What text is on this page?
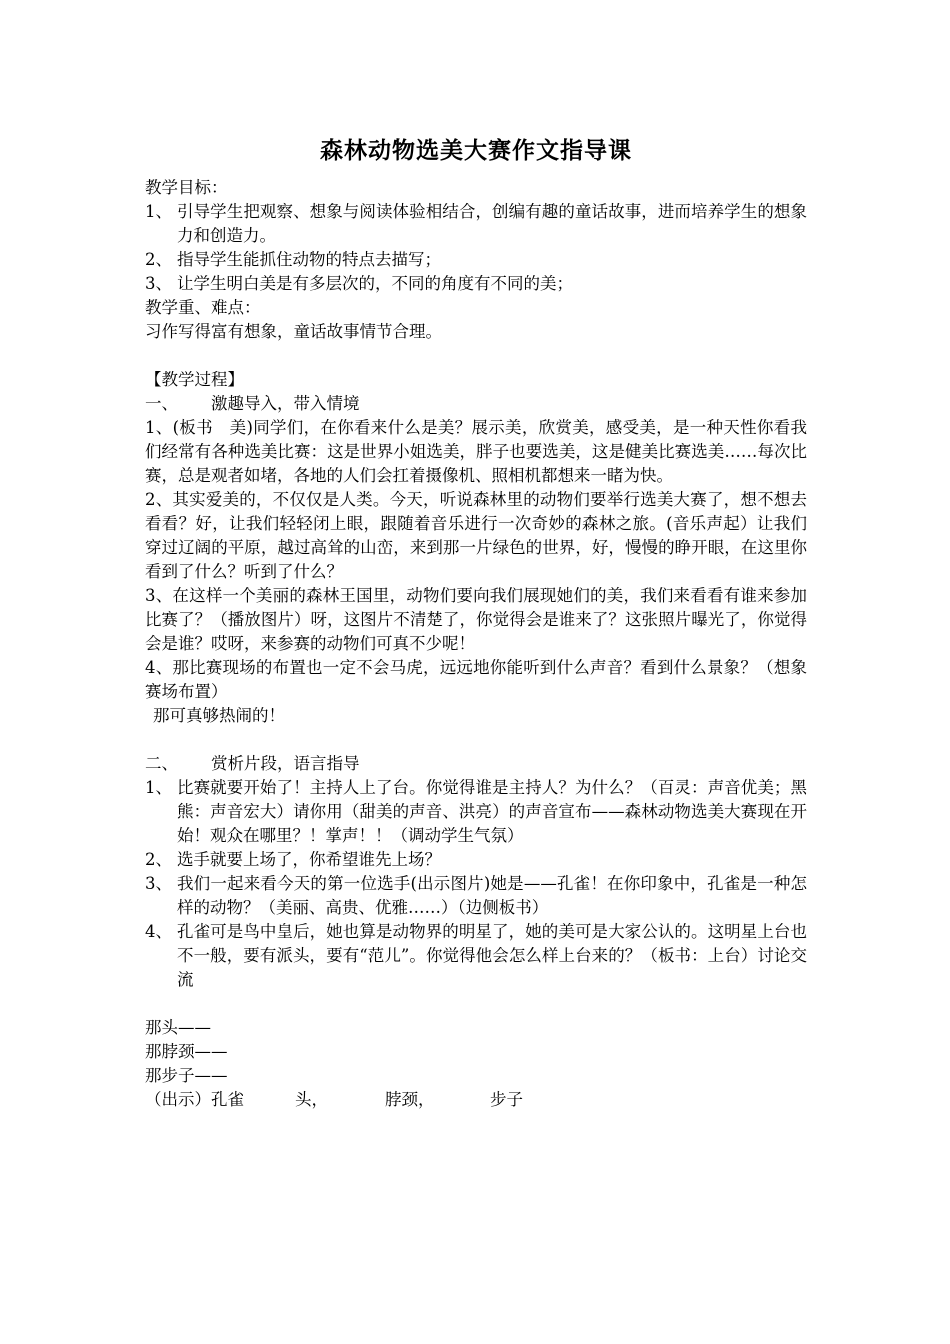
森林动物选美大赛作文指导课

教学目标：

1、 引导学生把观察、想象与阅读体验相结合，创编有趣的童话故事，进而培养学生的想象力和创造力。
2、 指导学生能抓住动物的特点去描写；
3、 让学生明白美是有多层次的，不同的角度有不同的美；

教学重、难点：

习作写得富有想象，童话故事情节合理。

【教学过程】

一、	激趣导入，带入情境

1、(板书　美)同学们，在你看来什么是美？展示美，欣赏美，感受美，是一种天性你看我们经常有各种选美比赛：这是世界小姐选美，胖子也要选美，这是健美比赛选美……每次比赛，总是观者如堵，各地的人们会扛着摄像机、照相机都想来一睹为快。

2、其实爱美的，不仅仅是人类。今天，听说森林里的动物们要举行选美大赛了，想不想去看看？好，让我们轻轻闭上眼，跟随着音乐进行一次奇妙的森林之旅。(音乐声起）让我们穿过辽阔的平原，越过高耸的山峦，来到那一片绿色的世界，好，慢慢的睁开眼，在这里你看到了什么？听到了什么？

3、在这样一个美丽的森林王国里，动物们要向我们展现她们的美，我们来看看有谁来参加比赛了？（播放图片）呀，这图片不清楚了，你觉得会是谁来了？这张照片曝光了，你觉得会是谁？哎呀，来参赛的动物们可真不少呢！

4、那比赛现场的布置也一定不会马虎，远远地你能听到什么声音？看到什么景象？（想象赛场布置）

那可真够热闹的！

二、	赏析片段，语言指导
1、 比赛就要开始了！主持人上了台。你觉得谁是主持人？为什么？（百灵：声音优美；黑熊：声音宏大）请你用（甜美的声音、洪亮）的声音宣布——森林动物选美大赛现在开始！观众在哪里？！掌声！！（调动学生气氛）
2、 选手就要上场了，你希望谁先上场？
3、 我们一起来看今天的第一位选手(出示图片)她是——孔雀！在你印象中，孔雀是一种怎样的动物？（美丽、高贵、优雅……）（边侧板书）
4、 孔雀可是鸟中皇后，她也算是动物界的明星了，她的美可是大家公认的。这明星上台也不一般，要有派头，要有“范儿”。你觉得他会怎么样上台来的？（板书：上台）讨论交流

那头——

那脖颈——

那步子——

（出示）孔雀	头，	脖颈，	步子
